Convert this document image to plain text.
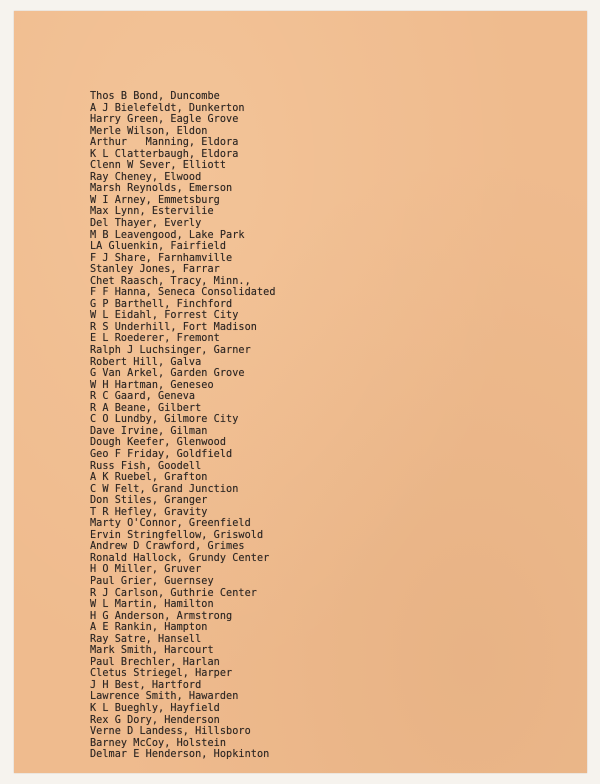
Thos B Bond, Duncombe
A J Bielefeldt, Dunkerton
Harry Green, Eagle Grove
Merle Wilson, Eldon
Arthur   Manning, Eldora
K L Clatterbaugh, Eldora
Clenn W Sever, Elliott
Ray Cheney, Elwood
Marsh Reynolds, Emerson
W I Arney, Emmetsburg
Max Lynn, Estervilie
Del Thayer, Everly
M B Leavengood, Lake Park
LA Gluenkin, Fairfield
F J Share, Farnhamville
Stanley Jones, Farrar
Chet Raasch, Tracy, Minn.,
F F Hanna, Seneca Consolidated
G P Barthell, Finchford
W L Eidahl, Forrest City
R S Underhill, Fort Madison
E L Roederer, Fremont
Ralph J Luchsinger, Garner
Robert Hill, Galva
G Van Arkel, Garden Grove
W H Hartman, Geneseo
R C Gaard, Geneva
R A Beane, Gilbert
C O Lundby, Gilmore City
Dave Irvine, Gilman
Dough Keefer, Glenwood
Geo F Friday, Goldfield
Russ Fish, Goodell
A K Ruebel, Grafton
C W Felt, Grand Junction
Don Stiles, Granger
T R Hefley, Gravity
Marty O'Connor, Greenfield
Ervin Stringfellow, Griswold
Andrew D Crawford, Grimes
Ronald Hallock, Grundy Center
H O Miller, Gruver
Paul Grier, Guernsey
R J Carlson, Guthrie Center
W L Martin, Hamilton
H G Anderson, Armstrong
A E Rankin, Hampton
Ray Satre, Hansell
Mark Smith, Harcourt
Paul Brechler, Harlan
Cletus Striegel, Harper
J H Best, Hartford
Lawrence Smith, Hawarden
K L Bueghly, Hayfield
Rex G Dory, Henderson
Verne D Landess, Hillsboro
Barney McCoy, Holstein
Delmar E Henderson, Hopkinton
